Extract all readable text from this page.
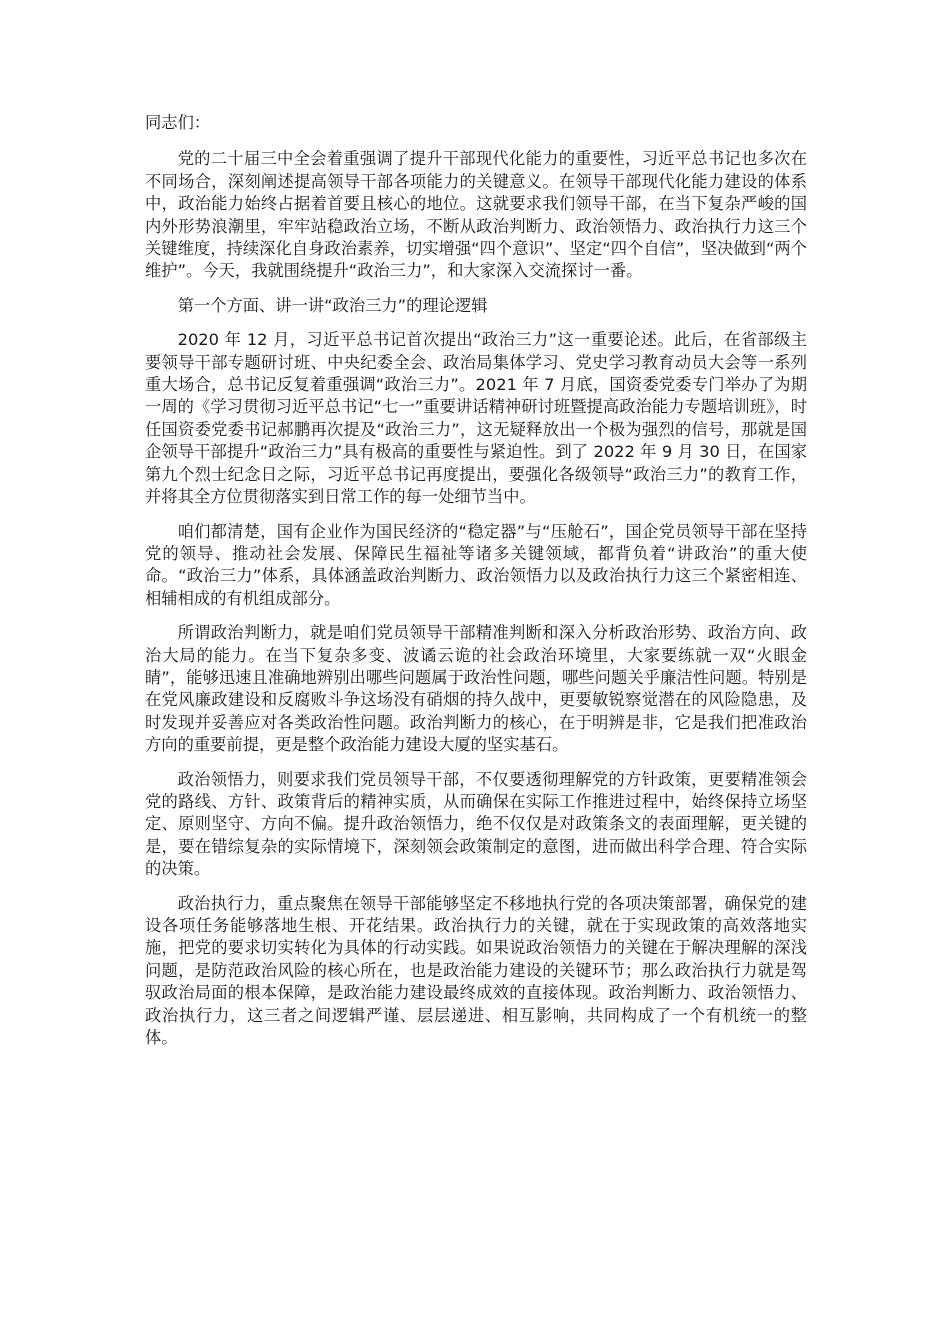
同志们：

党的二十届三中全会着重强调了提升干部现代化能力的重要性，习近平总书记也多次在不同场合，深刻阐述提高领导干部各项能力的关键意义。在领导干部现代化能力建设的体系中，政治能力始终占据着首要且核心的地位。这就要求我们领导干部，在当下复杂严峻的国内外形势浪潮里，牢牢站稳政治立场，不断从政治判断力、政治领悟力、政治执行力这三个关键维度，持续深化自身政治素养，切实增强“四个意识”、坚定“四个自信”，坚决做到“两个维护”。今天，我就围绕提升“政治三力”，和大家深入交流探讨一番。

第一个方面、讲一讲“政治三力”的理论逻辑

2020 年 12 月，习近平总书记首次提出“政治三力”这一重要论述。此后，在省部级主要领导干部专题研讨班、中央纪委全会、政治局集体学习、党史学习教育动员大会等一系列重大场合，总书记反复着重强调“政治三力”。2021 年 7 月底，国资委党委专门举办了为期一周的《学习贯彻习近平总书记“七一”重要讲话精神研讨班暨提高政治能力专题培训班》，时任国资委党委书记郝鹏再次提及“政治三力”，这无疑释放出一个极为强烈的信号，那就是国企领导干部提升“政治三力”具有极高的重要性与紧迫性。到了 2022 年 9 月 30 日，在国家第九个烈士纪念日之际，习近平总书记再度提出，要强化各级领导“政治三力”的教育工作，并将其全方位贯彻落实到日常工作的每一处细节当中。

咱们都清楚，国有企业作为国民经济的“稳定器”与“压舱石”，国企党员领导干部在坚持党的领导、推动社会发展、保障民生福祉等诸多关键领域，都背负着“讲政治”的重大使命。“政治三力”体系，具体涵盖政治判断力、政治领悟力以及政治执行力这三个紧密相连、相辅相成的有机组成部分。

所谓政治判断力，就是咱们党员领导干部精准判断和深入分析政治形势、政治方向、政治大局的能力。在当下复杂多变、波谲云诡的社会政治环境里，大家要练就一双“火眼金睛”，能够迅速且准确地辨别出哪些问题属于政治性问题，哪些问题关乎廉洁性问题。特别是在党风廉政建设和反腐败斗争这场没有硝烟的持久战中，更要敏锐察觉潜在的风险隐患，及时发现并妥善应对各类政治性问题。政治判断力的核心，在于明辨是非，它是我们把准政治方向的重要前提，更是整个政治能力建设大厦的坚实基石。

政治领悟力，则要求我们党员领导干部，不仅要透彻理解党的方针政策，更要精准领会党的路线、方针、政策背后的精神实质，从而确保在实际工作推进过程中，始终保持立场坚定、原则坚守、方向不偏。提升政治领悟力，绝不仅仅是对政策条文的表面理解，更关键的是，要在错综复杂的实际情境下，深刻领会政策制定的意图，进而做出科学合理、符合实际的决策。

政治执行力，重点聚焦在领导干部能够坚定不移地执行党的各项决策部署，确保党的建设各项任务能够落地生根、开花结果。政治执行力的关键，就在于实现政策的高效落地实施，把党的要求切实转化为具体的行动实践。如果说政治领悟力的关键在于解决理解的深浅问题，是防范政治风险的核心所在，也是政治能力建设的关键环节；那么政治执行力就是驾驭政治局面的根本保障，是政治能力建设最终成效的直接体现。政治判断力、政治领悟力、政治执行力，这三者之间逻辑严谨、层层递进、相互影响，共同构成了一个有机统一的整体。
